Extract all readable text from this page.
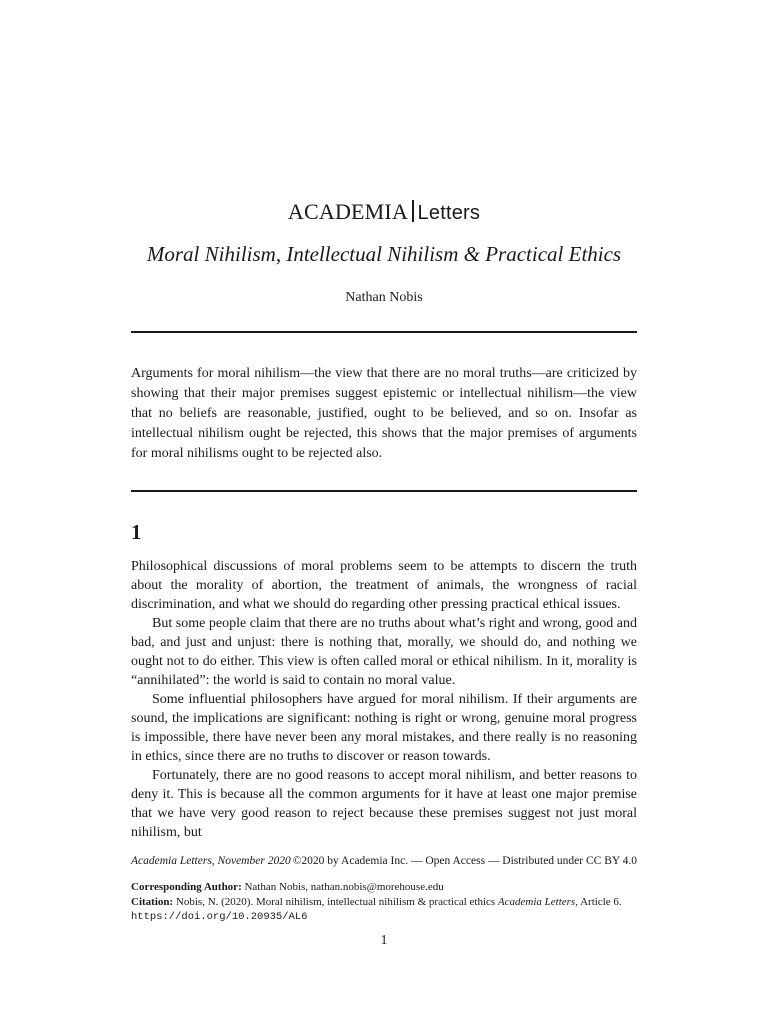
ACADEMIA Letters
Moral Nihilism, Intellectual Nihilism & Practical Ethics
Nathan Nobis

Arguments for moral nihilism—the view that there are no moral truths—are criticized by showing that their major premises suggest epistemic or intellectual nihilism—the view that no beliefs are reasonable, justified, ought to be believed, and so on. Insofar as intellectual nihilism ought be rejected, this shows that the major premises of arguments for moral nihilisms ought to be rejected also.

1

Philosophical discussions of moral problems seem to be attempts to discern the truth about the morality of abortion, the treatment of animals, the wrongness of racial discrimination, and what we should do regarding other pressing practical ethical issues.

But some people claim that there are no truths about what’s right and wrong, good and bad, and just and unjust: there is nothing that, morally, we should do, and nothing we ought not to do either. This view is often called moral or ethical nihilism. In it, morality is “annihilated”: the world is said to contain no moral value.

Some influential philosophers have argued for moral nihilism. If their arguments are sound, the implications are significant: nothing is right or wrong, genuine moral progress is impossible, there have never been any moral mistakes, and there really is no reasoning in ethics, since there are no truths to discover or reason towards.

Fortunately, there are no good reasons to accept moral nihilism, and better reasons to deny it. This is because all the common arguments for it have at least one major premise that we have very good reason to reject because these premises suggest not just moral nihilism, but

Academia Letters, November 2020 ©2020 by Academia Inc. — Open Access — Distributed under CC BY 4.0
Corresponding Author: Nathan Nobis, nathan.nobis@morehouse.edu
Citation: Nobis, N. (2020). Moral nihilism, intellectual nihilism & practical ethics Academia Letters, Article 6.
https://doi.org/10.20935/AL6
1
